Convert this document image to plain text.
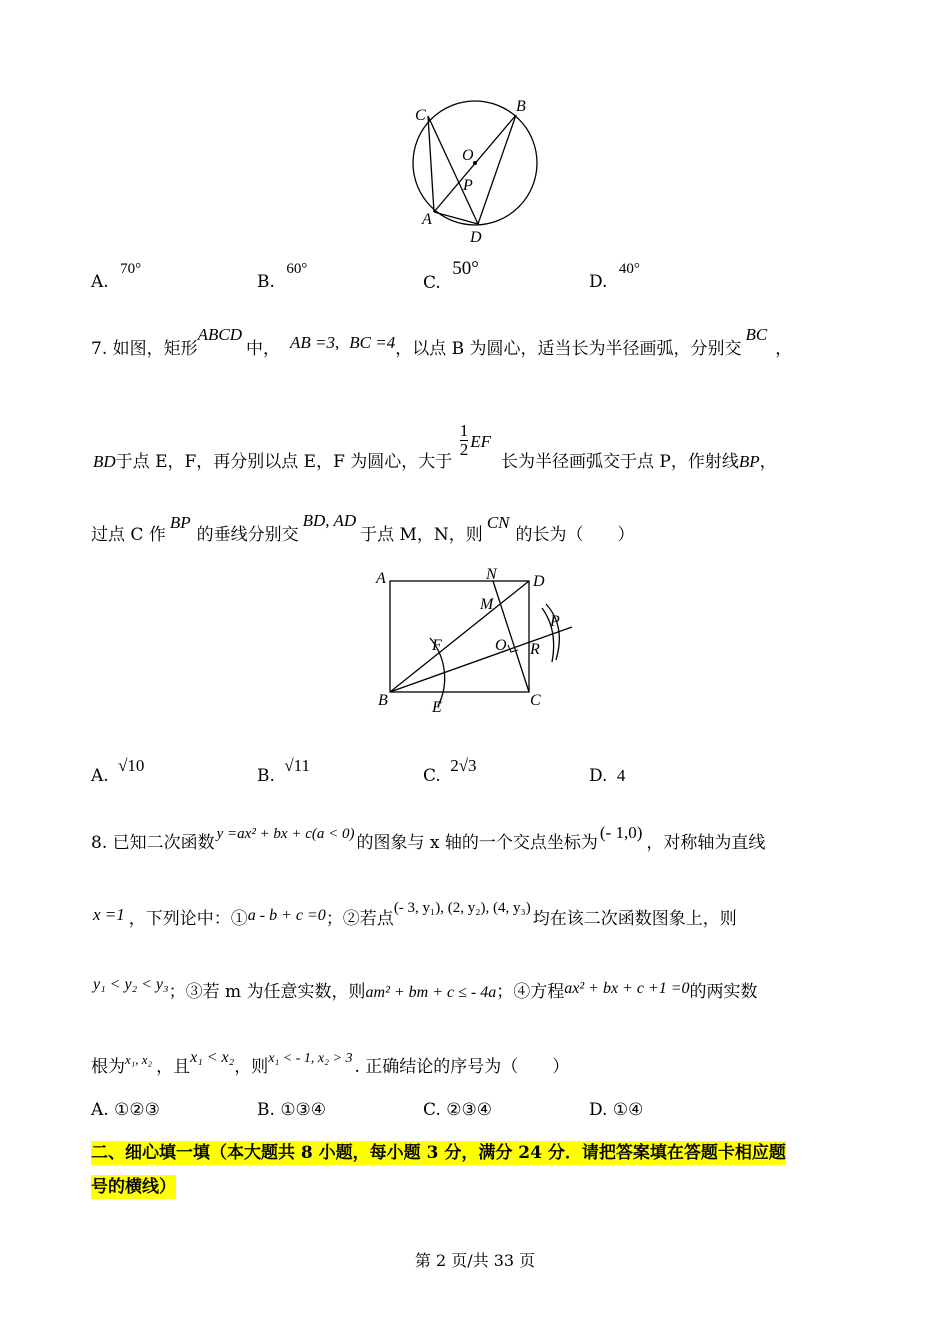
C
B
O
P
A
D
A. 70°
B. 60°
C. 50°
D. 40°
7. 如图，矩形ABCD中， AB =3, BC =4，以点 B 为圆心，适当长为半径画弧，分别交BC，
BD于点 E，F，再分别以点 E，F 为圆心，大于
$\frac{1}{2}$ EF长为半径画弧交于点 P，作射线BP，
过点 C 作BP的垂线分别交BD, AD于点 M，N，则CN的长为（　　）
A	N D
M
P
F	O R
B	E	C
A. √10
B. √11
C. 2√3
D. 4
8. 已知二次函数 y =ax² + bx + c(a < 0) 的图象与 x 轴的一个交点坐标为(- 1,0)，对称轴为直线
x =1 ，下列论中：①a - b + c =0；②若点(- 3, y₁), (2, y₂), (4, y₃)均在该二次函数图象上，则
y₁ < y₂ < y₃；③若 m 为任意实数，则am² + bm + c ≤ - 4a；④方程ax² + bx + c +1 =0的两实数
根为$^{x_1, x_2}$ ，且x₁ < x₂，则$^{x_1 < - 1, x_2 > 3}$ . 正确结论的序号为（　　）
A. ①②③	B. ①③④	C. ②③④	D. ①④
二、细心填一填（本大题共 8 小题，每小题 3 分，满分 24 分．请把答案填在答题卡相应题
号的横线）
第 2 页/共 33 页
